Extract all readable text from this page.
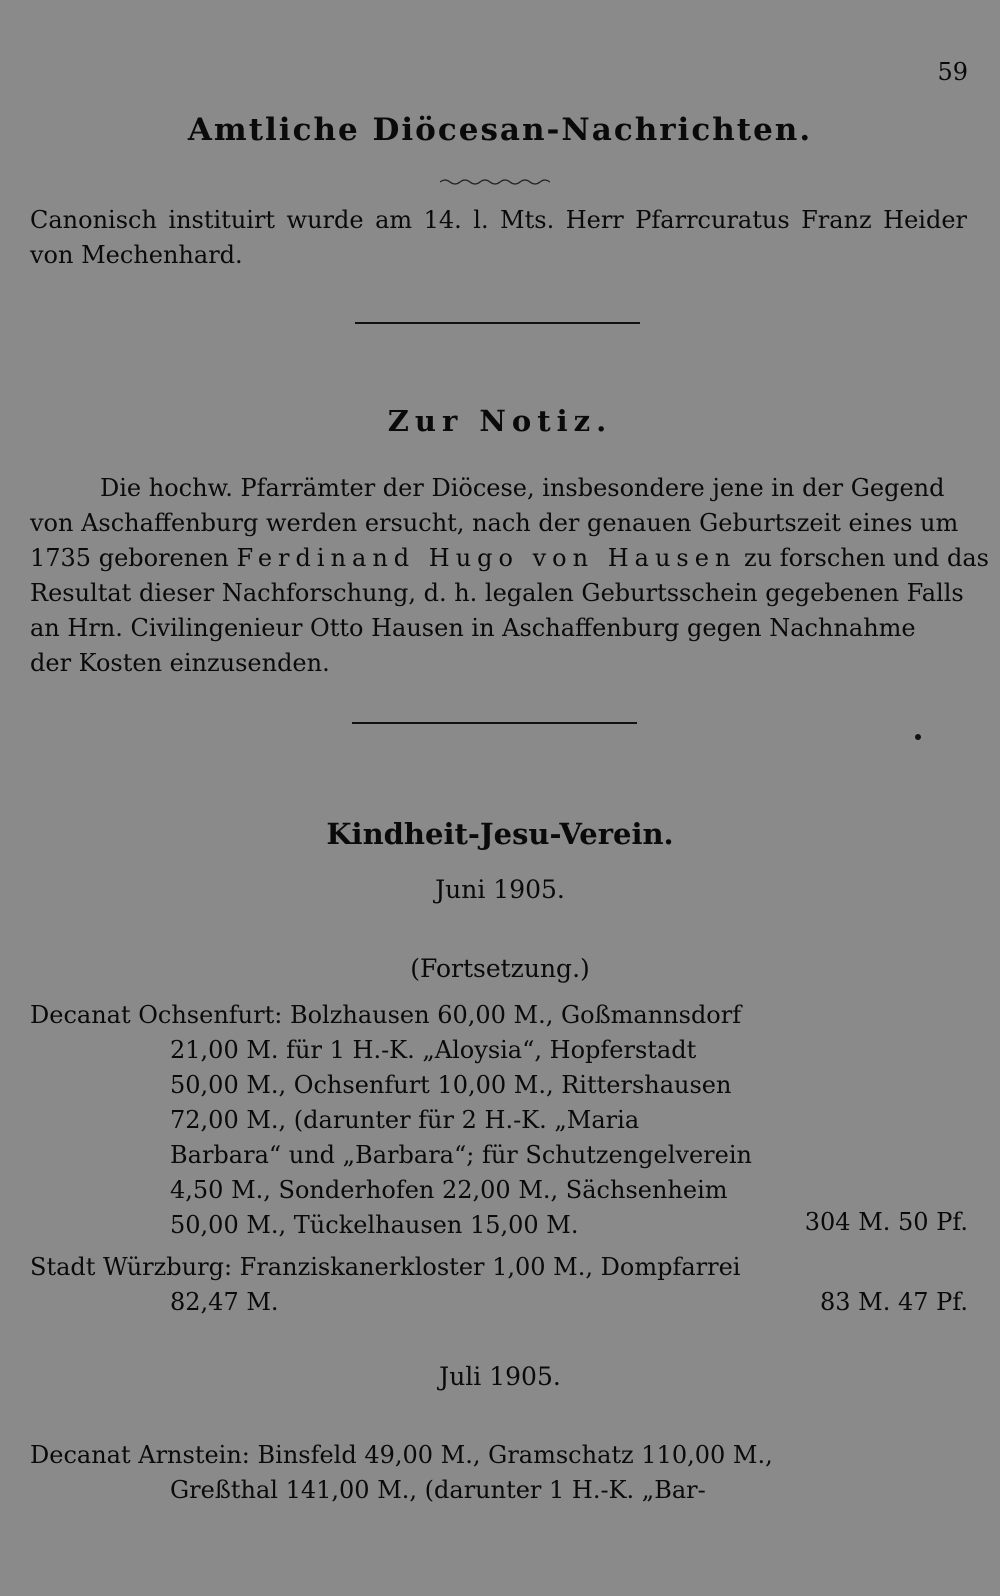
59
Amtliche Diöcesan-Nachrichten.

Canonisch instituirt wurde am 14. l. Mts. Herr Pfarrcuratus Franz Heider von Mechenhard.

Zur Notiz.
Die hochw. Pfarrämter der Diöcese, insbesondere jene in der Gegend
von Aschaffenburg werden ersucht, nach der genauen Geburtszeit eines um
1735 geborenen Ferdinand Hugo von Hausen zu forschen und das
Resultat dieser Nachforschung, d. h. legalen Geburtsschein gegebenen Falls
an Hrn. Civilingenieur Otto Hausen in Aschaffenburg gegen Nachnahme
der Kosten einzusenden.
Kindheit-Jesu-Verein.
Juni 1905.
(Fortsetzung.)
Decanat Ochsenfurt: Bolzhausen 60,00 M., Goßmannsdorf
21,00 M. für 1 H.-K. „Aloysia“, Hopferstadt
50,00 M., Ochsenfurt 10,00 M., Rittershausen
72,00 M., (darunter für 2 H.-K. „Maria
Barbara“ und „Barbara“; für Schutzengelverein
4,50 M., Sonderhofen 22,00 M., Sächsenheim
50,00 M., Tückelhausen 15,00 M.	304 M. 50 Pf.
Stadt Würzburg: Franziskanerkloster 1,00 M., Dompfarrei
82,47 M.	83 M. 47 Pf.
Juli 1905.
Decanat Arnstein: Binsfeld 49,00 M., Gramschatz 110,00 M.,
Greßthal 141,00 M., (darunter 1 H.-K. „Bar-
